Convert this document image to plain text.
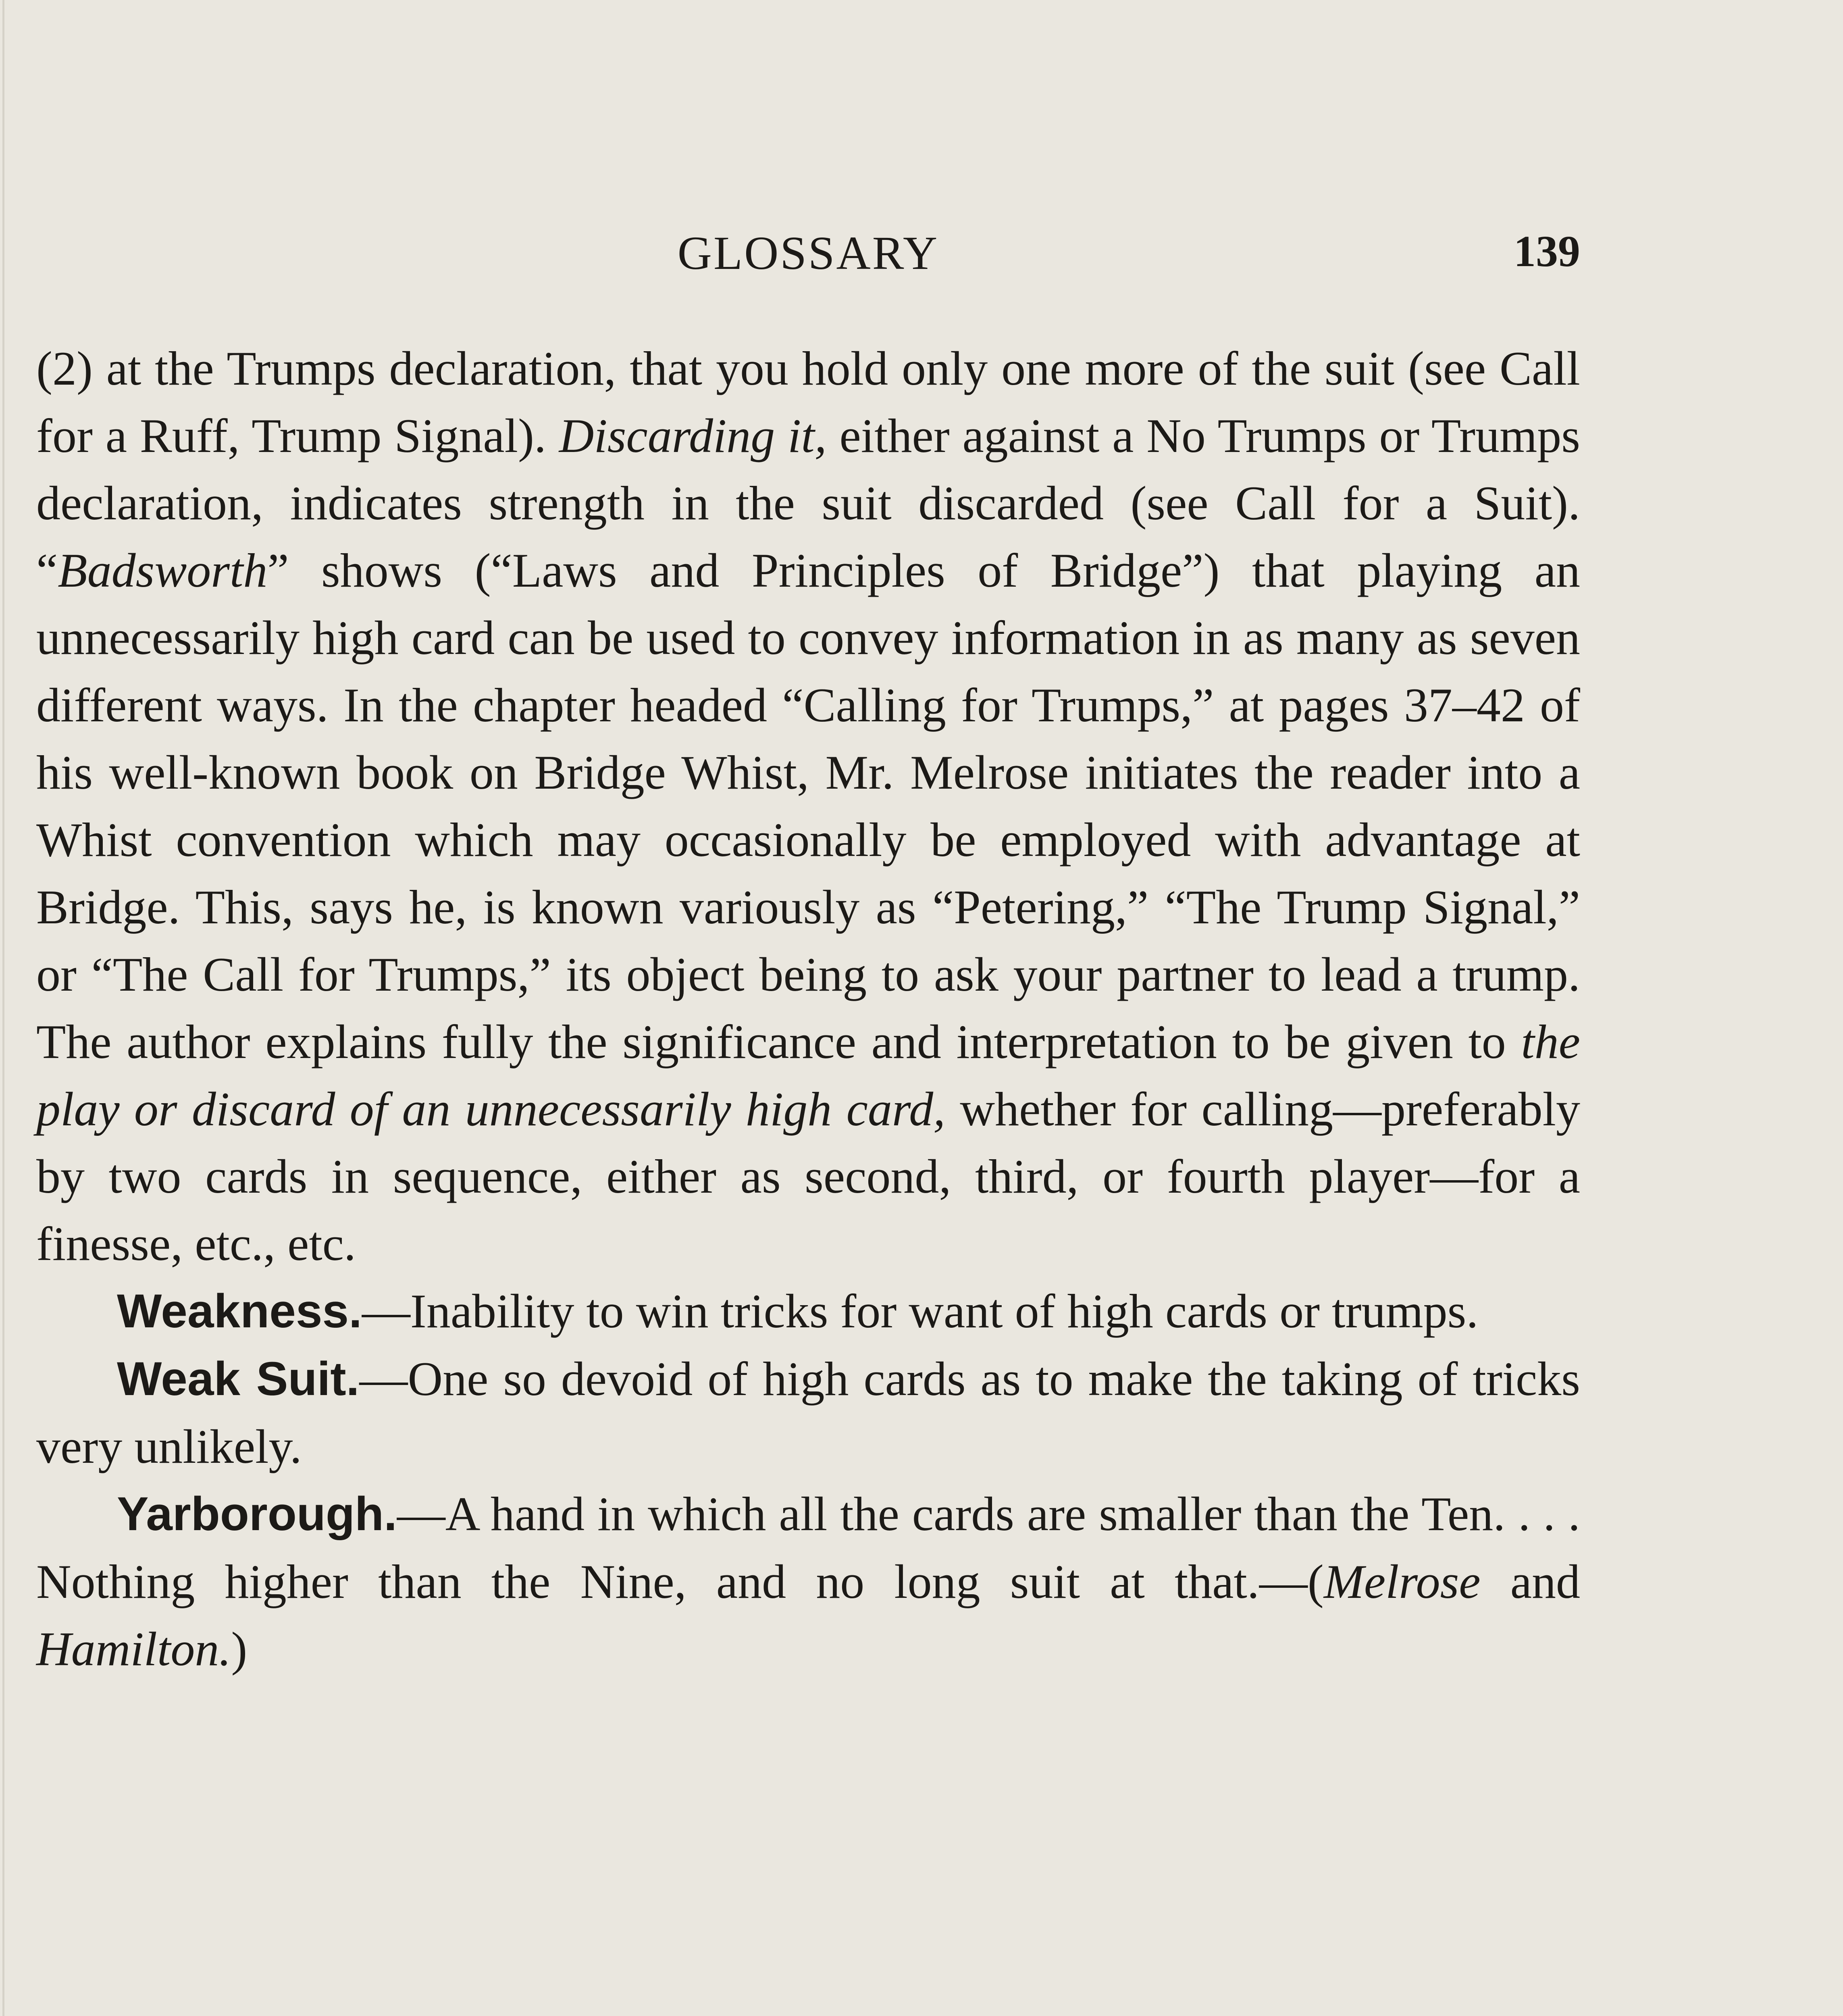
GLOSSARY	139

(2) at the Trumps declaration, that you hold only one more of the suit (see Call for a Ruff, Trump Signal). Discarding it, either against a No Trumps or Trumps declaration, indicates strength in the suit discarded (see Call for a Suit). “Badsworth” shows (“Laws and Principles of Bridge”) that playing an unnecessarily high card can be used to convey information in as many as seven different ways. In the chapter headed “Calling for Trumps,” at pages 37–42 of his well-known book on Bridge Whist, Mr. Melrose initiates the reader into a Whist convention which may occasionally be employed with advantage at Bridge. This, says he, is known variously as “Petering,” “The Trump Signal,” or “The Call for Trumps,” its object being to ask your partner to lead a trump. The author explains fully the significance and interpretation to be given to the play or discard of an unnecessarily high card, whether for calling—preferably by two cards in sequence, either as second, third, or fourth player—for a finesse, etc., etc.

Weakness.—Inability to win tricks for want of high cards or trumps.

Weak Suit.—One so devoid of high cards as to make the taking of tricks very unlikely.

Yarborough.—A hand in which all the cards are smaller than the Ten. . . . Nothing higher than the Nine, and no long suit at that.—(Melrose and Hamilton.)
